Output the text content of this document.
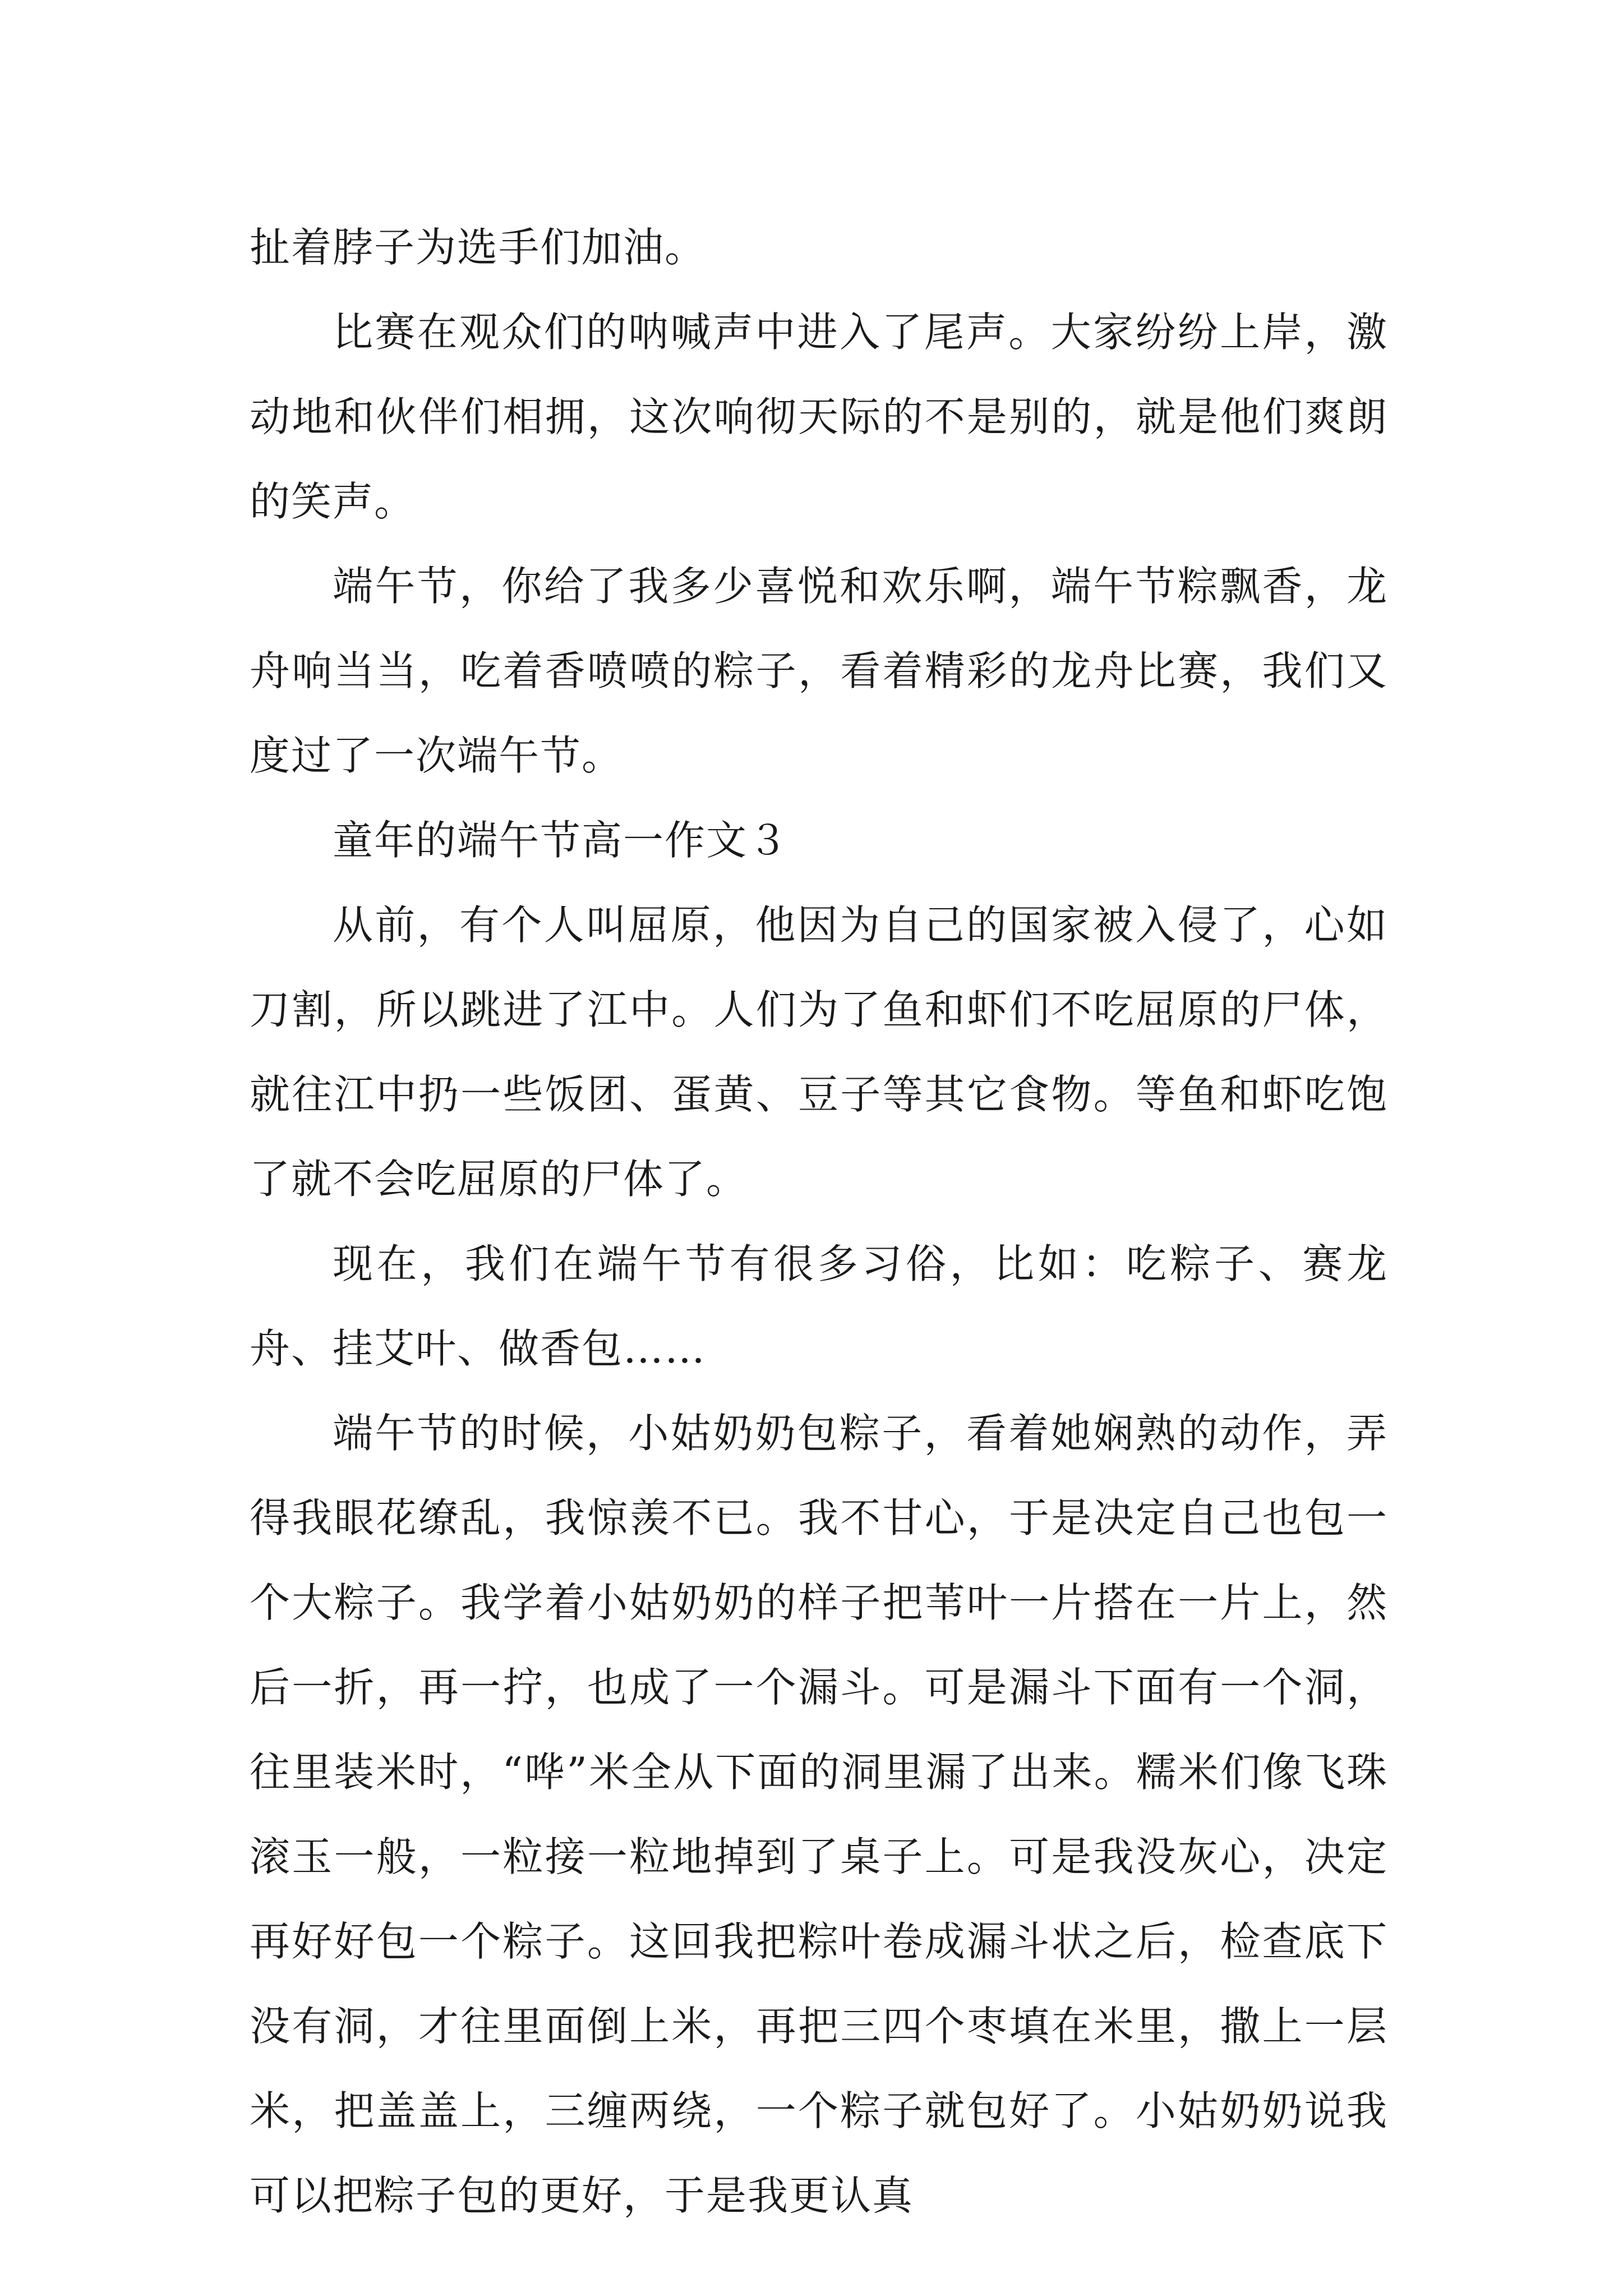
扯着脖子为选手们加油。

比赛在观众们的呐喊声中进入了尾声。大家纷纷上岸，激动地和伙伴们相拥，这次响彻天际的不是别的，就是他们爽朗的笑声。

端午节，你给了我多少喜悦和欢乐啊，端午节粽飘香，龙舟响当当，吃着香喷喷的粽子，看着精彩的龙舟比赛，我们又度过了一次端午节。

童年的端午节高一作文３

从前，有个人叫屈原，他因为自己的国家被入侵了，心如刀割，所以跳进了江中。人们为了鱼和虾们不吃屈原的尸体，就往江中扔一些饭团、蛋黄、豆子等其它食物。等鱼和虾吃饱了就不会吃屈原的尸体了。

现在，我们在端午节有很多习俗，比如：吃粽子、赛龙舟、挂艾叶、做香包……

端午节的时候，小姑奶奶包粽子，看着她娴熟的动作，弄得我眼花缭乱，我惊羡不已。我不甘心，于是决定自己也包一个大粽子。我学着小姑奶奶的样子把苇叶一片搭在一片上，然后一折，再一拧，也成了一个漏斗。可是漏斗下面有一个洞，往里装米时，“哗”米全从下面的洞里漏了出来。糯米们像飞珠滚玉一般，一粒接一粒地掉到了桌子上。可是我没灰心，决定再好好包一个粽子。这回我把粽叶卷成漏斗状之后，检查底下没有洞，才往里面倒上米，再把三四个枣填在米里，撒上一层米，把盖盖上，三缠两绕，一个粽子就包好了。小姑奶奶说我可以把粽子包的更好，于是我更认真
